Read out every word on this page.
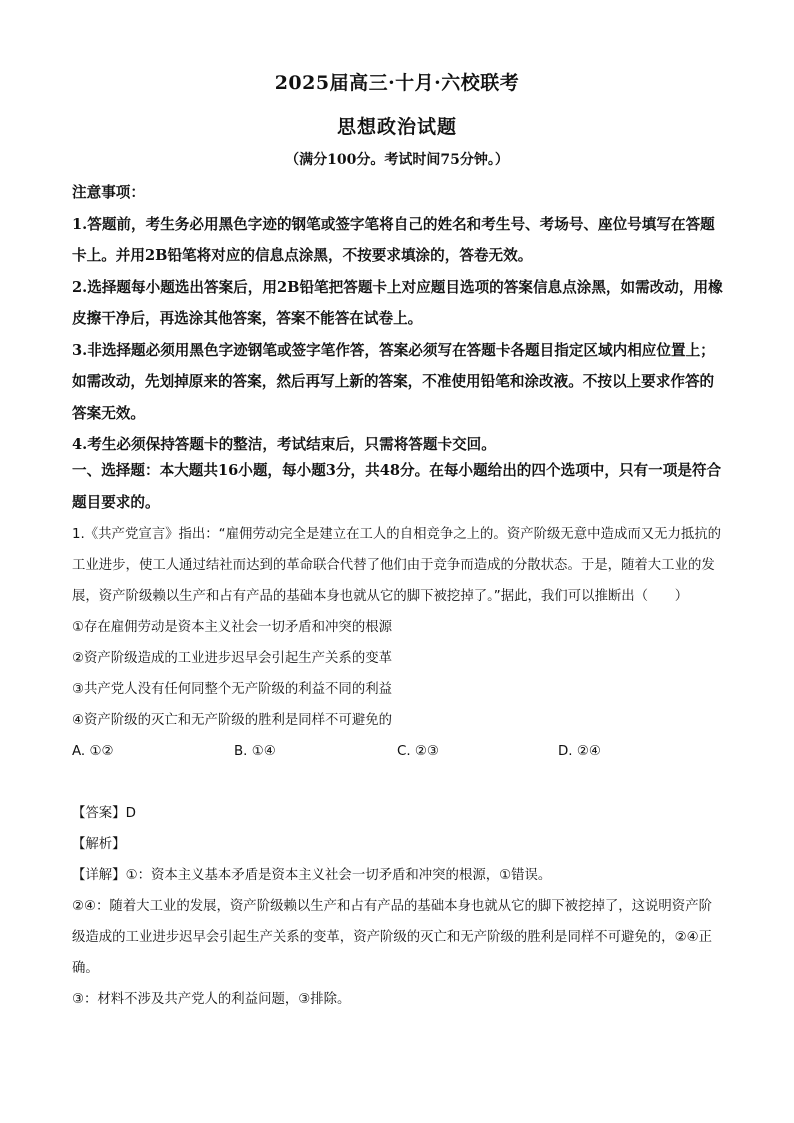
2025届高三·十月·六校联考
思想政治试题
（满分100分。考试时间75分钟。）

注意事项：

1.答题前，考生务必用黑色字迹的钢笔或签字笔将自己的姓名和考生号、考场号、座位号填写在答题卡上。并用2B铅笔将对应的信息点涂黑，不按要求填涂的，答卷无效。

2.选择题每小题选出答案后，用2B铅笔把答题卡上对应题目选项的答案信息点涂黑，如需改动，用橡皮擦干净后，再选涂其他答案，答案不能答在试卷上。

3.非选择题必须用黑色字迹钢笔或签字笔作答，答案必须写在答题卡各题目指定区域内相应位置上；如需改动，先划掉原来的答案，然后再写上新的答案，不准使用铅笔和涂改液。不按以上要求作答的答案无效。

4.考生必须保持答题卡的整洁，考试结束后，只需将答题卡交回。

一、选择题：本大题共16小题，每小题3分，共48分。在每小题给出的四个选项中，只有一项是符合题目要求的。

1.《共产党宣言》指出：“雇佣劳动完全是建立在工人的自相竞争之上的。资产阶级无意中造成而又无力抵抗的工业进步，使工人通过结社而达到的革命联合代替了他们由于竞争而造成的分散状态。于是，随着大工业的发展，资产阶级赖以生产和占有产品的基础本身也就从它的脚下被挖掉了。”据此，我们可以推断出（　　）

①存在雇佣劳动是资本主义社会一切矛盾和冲突的根源

②资产阶级造成的工业进步迟早会引起生产关系的变革

③共产党人没有任何同整个无产阶级的利益不同的利益

④资产阶级的灭亡和无产阶级的胜利是同样不可避免的

A. ①②	B. ①④	C. ②③	D. ②④

【答案】D

【解析】

【详解】①：资本主义基本矛盾是资本主义社会一切矛盾和冲突的根源，①错误。

②④：随着大工业的发展，资产阶级赖以生产和占有产品的基础本身也就从它的脚下被挖掉了，这说明资产阶级造成的工业进步迟早会引起生产关系的变革，资产阶级的灭亡和无产阶级的胜利是同样不可避免的，②④正确。

③：材料不涉及共产党人的利益问题，③排除。
